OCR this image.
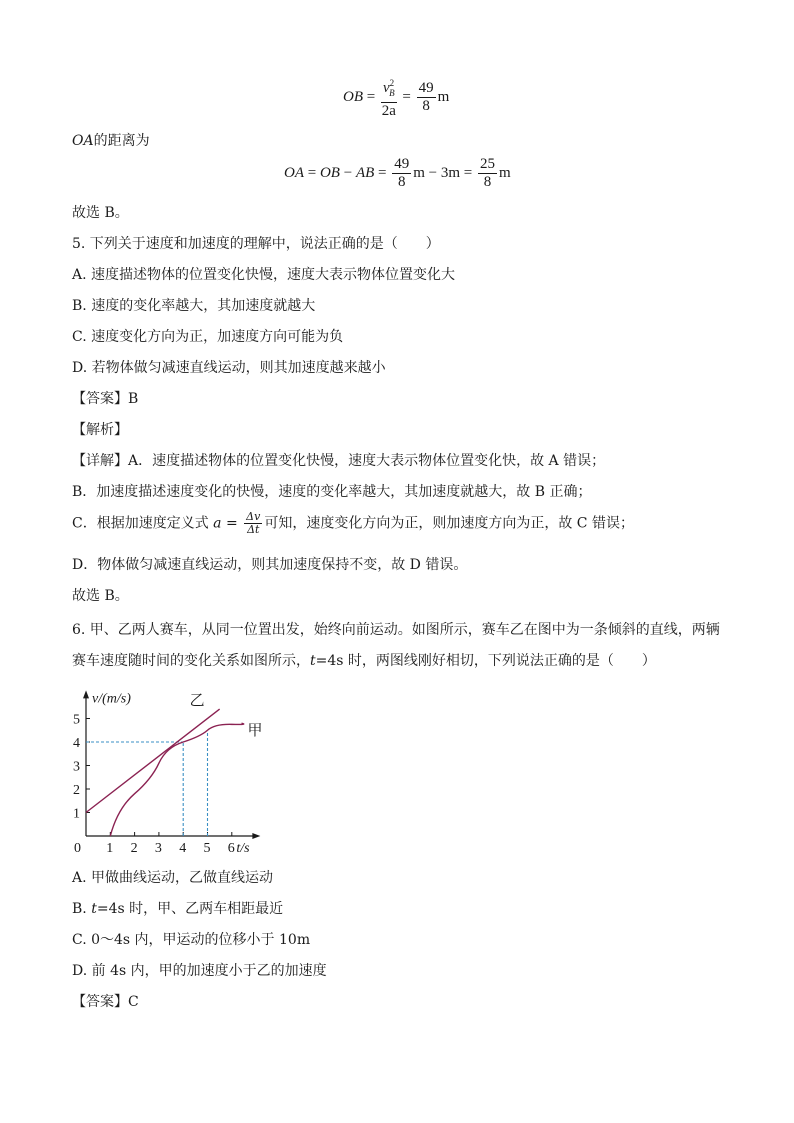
OB = $\frac{v^2_B}{2a} = \frac{49}{8}$ m
OA的距离为
OA = OB − AB = $\frac{49}{8}$ $m - 3m = \frac{25}{8}$ m
故选 B。
5. 下列关于速度和加速度的理解中，说法正确的是（　　）
A. 速度描述物体的位置变化快慢，速度大表示物体位置变化大
B. 速度的变化率越大，其加速度就越大
C. 速度变化方向为正，加速度方向可能为负
D. 若物体做匀减速直线运动，则其加速度越来越小
【答案】B
【解析】
【详解】A．速度描述物体的位置变化快慢，速度大表示物体位置变化快，故 A 错误；
B．加速度描述速度变化的快慢，速度的变化率越大，其加速度就越大，故 B 正确；
C．根据加速度定义式 $a = \frac{\Delta v}{\Delta t}$ 可知，速度变化方向为正，则加速度方向为正，故 C 错误；
D．物体做匀减速直线运动，则其加速度保持不变，故 D 错误。
故选 B。
6. 甲、乙两人赛车，从同一位置出发，始终向前运动。如图所示，赛车乙在图中为一条倾斜的直线，两辆
赛车速度随时间的变化关系如图所示，t=4s 时，两图线刚好相切，下列说法正确的是（　　）
0 1 2 3 4 5 6
1
2
3
4
5
v/(m/s)
t/s
乙
甲
A. 甲做曲线运动，乙做直线运动
B. t=4s 时，甲、乙两车相距最近
C. 0～4s 内，甲运动的位移小于 10m
D. 前 4s 内，甲的加速度小于乙的加速度
【答案】C
